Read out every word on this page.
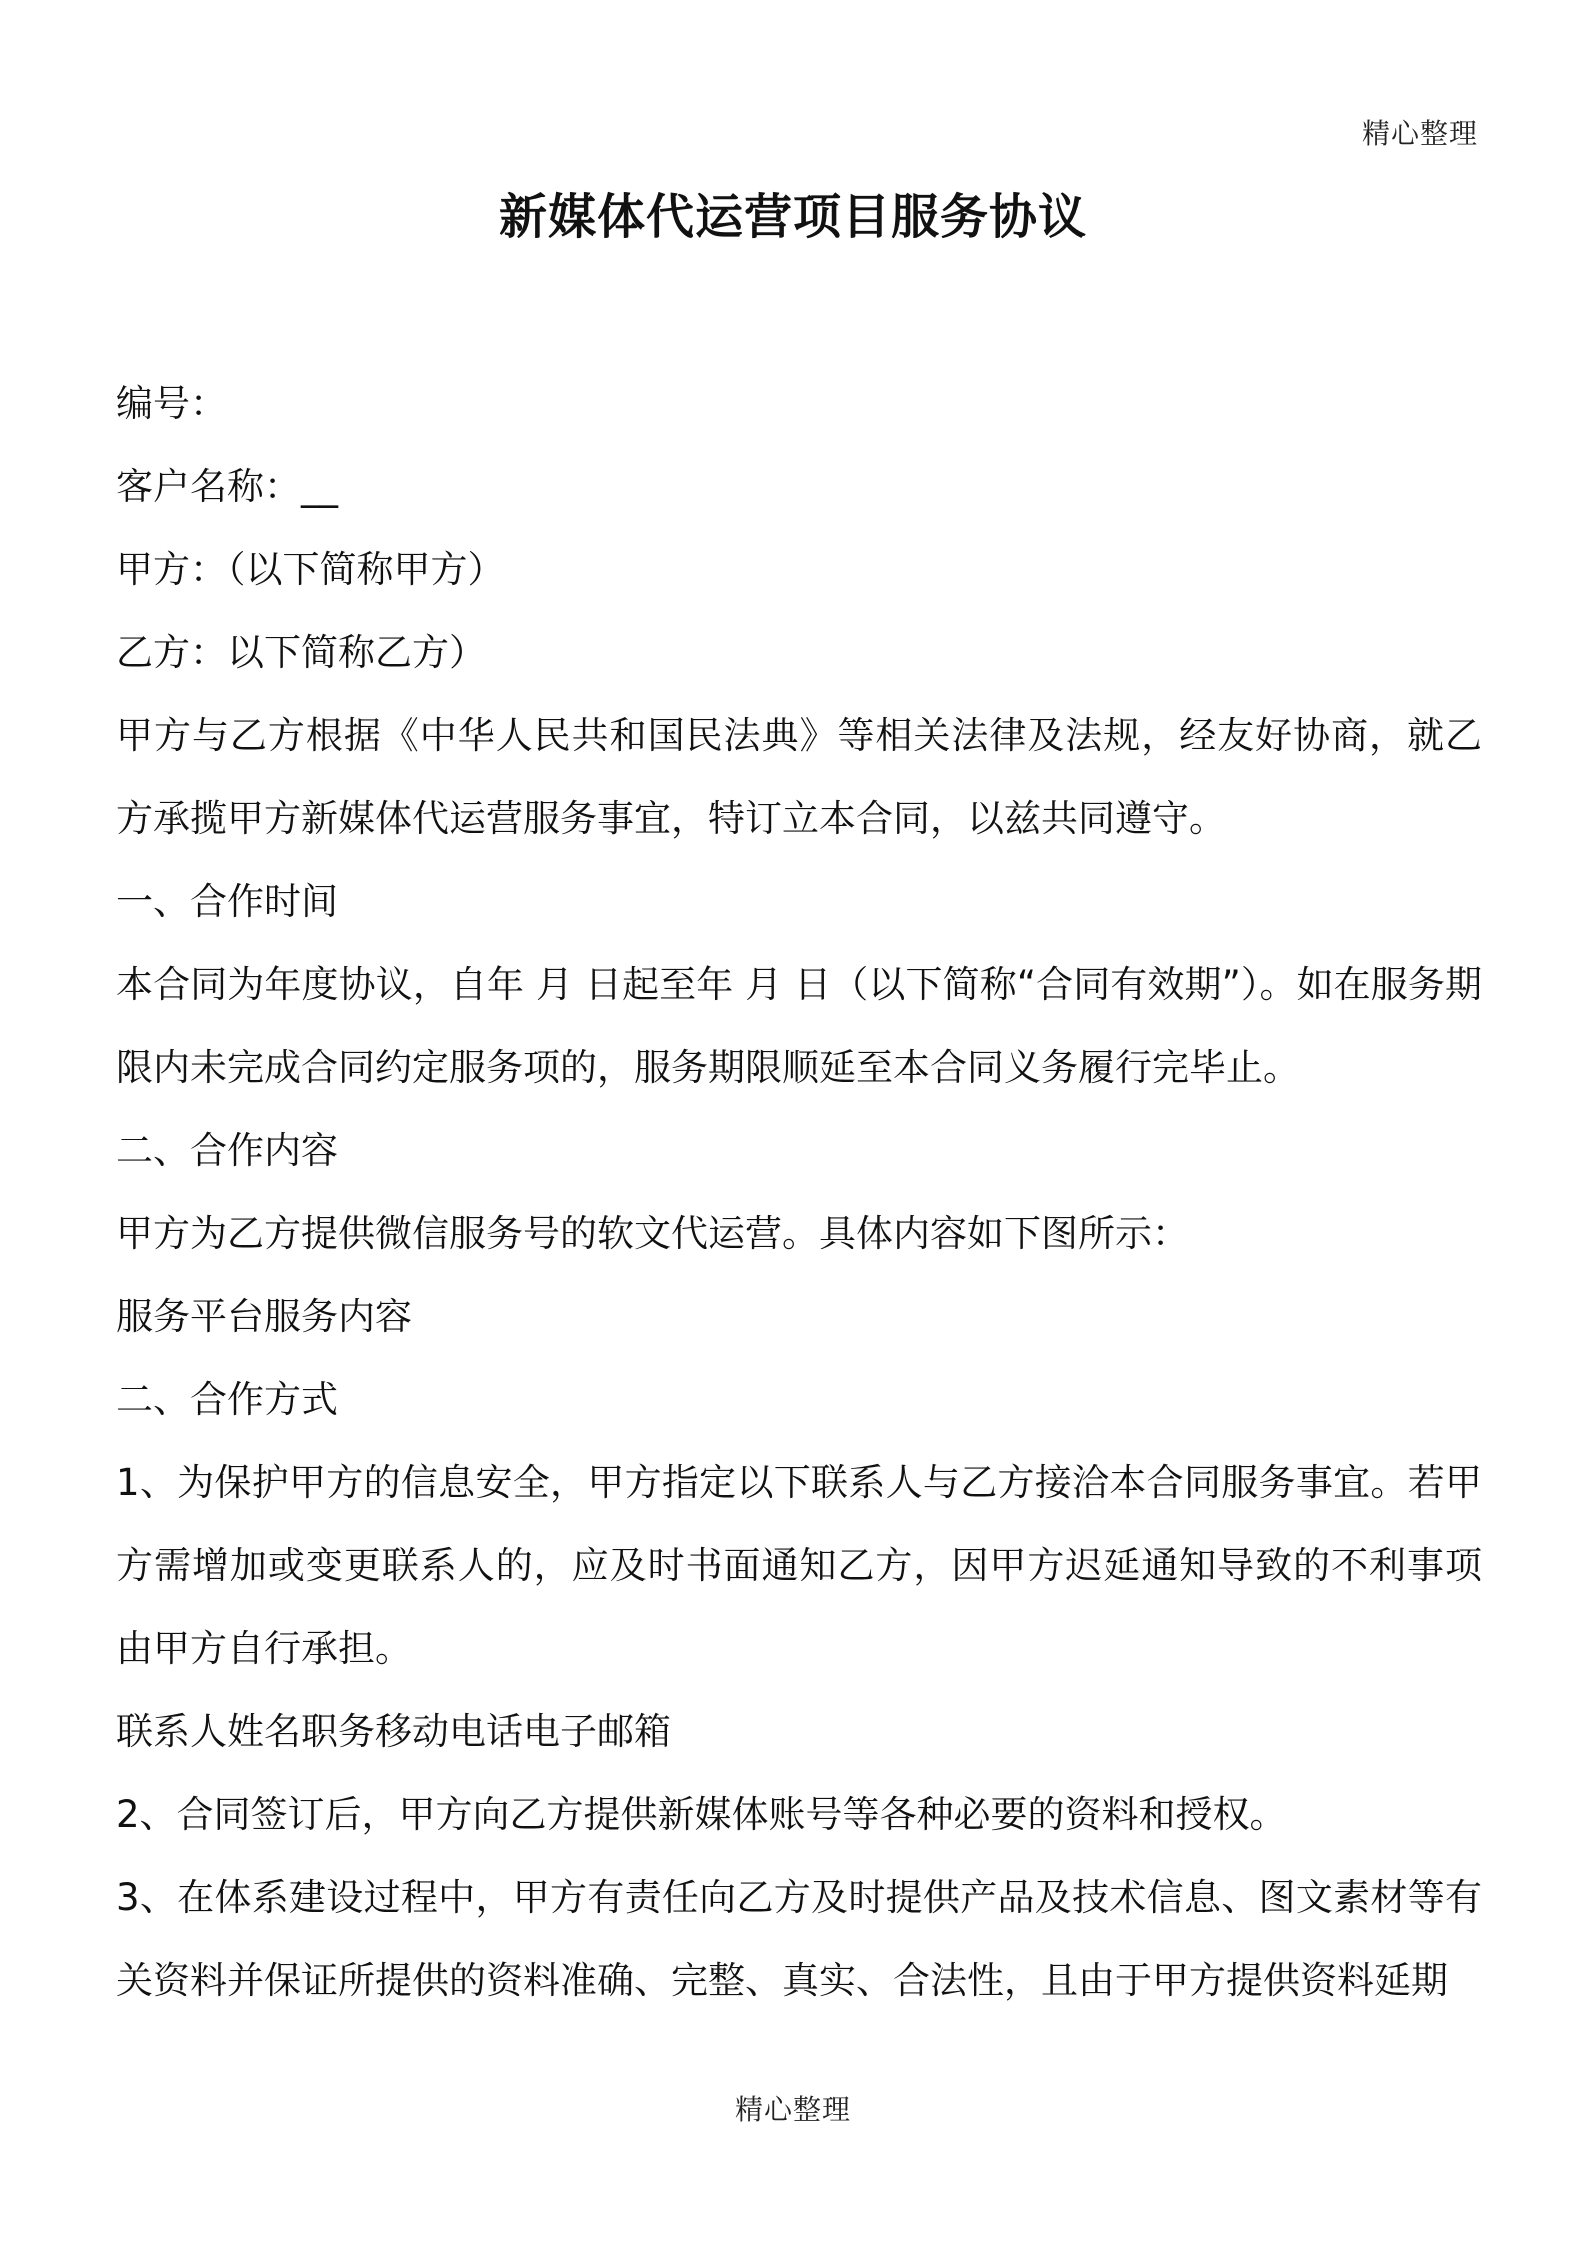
精心整理
新媒体代运营项目服务协议

编号：

客户名称：__

甲方：（以下简称甲方）

乙方：以下简称乙方）

甲方与乙方根据《中华人民共和国民法典》等相关法律及法规，经友好协商，就乙方承揽甲方新媒体代运营服务事宜，特订立本合同，以兹共同遵守。

一、合作时间

本合同为年度协议，自年 月 日起至年 月 日（以下简称“合同有效期”）。如在服务期限内未完成合同约定服务项的，服务期限顺延至本合同义务履行完毕止。

二、合作内容

甲方为乙方提供微信服务号的软文代运营。具体内容如下图所示：

服务平台服务内容

二、合作方式

1、为保护甲方的信息安全，甲方指定以下联系人与乙方接洽本合同服务事宜。若甲方需增加或变更联系人的，应及时书面通知乙方，因甲方迟延通知导致的不利事项由甲方自行承担。

联系人姓名职务移动电话电子邮箱

2、合同签订后，甲方向乙方提供新媒体账号等各种必要的资料和授权。

3、在体系建设过程中，甲方有责任向乙方及时提供产品及技术信息、图文素材等有关资料并保证所提供的资料准确、完整、真实、合法性，且由于甲方提供资料延期

精心整理
